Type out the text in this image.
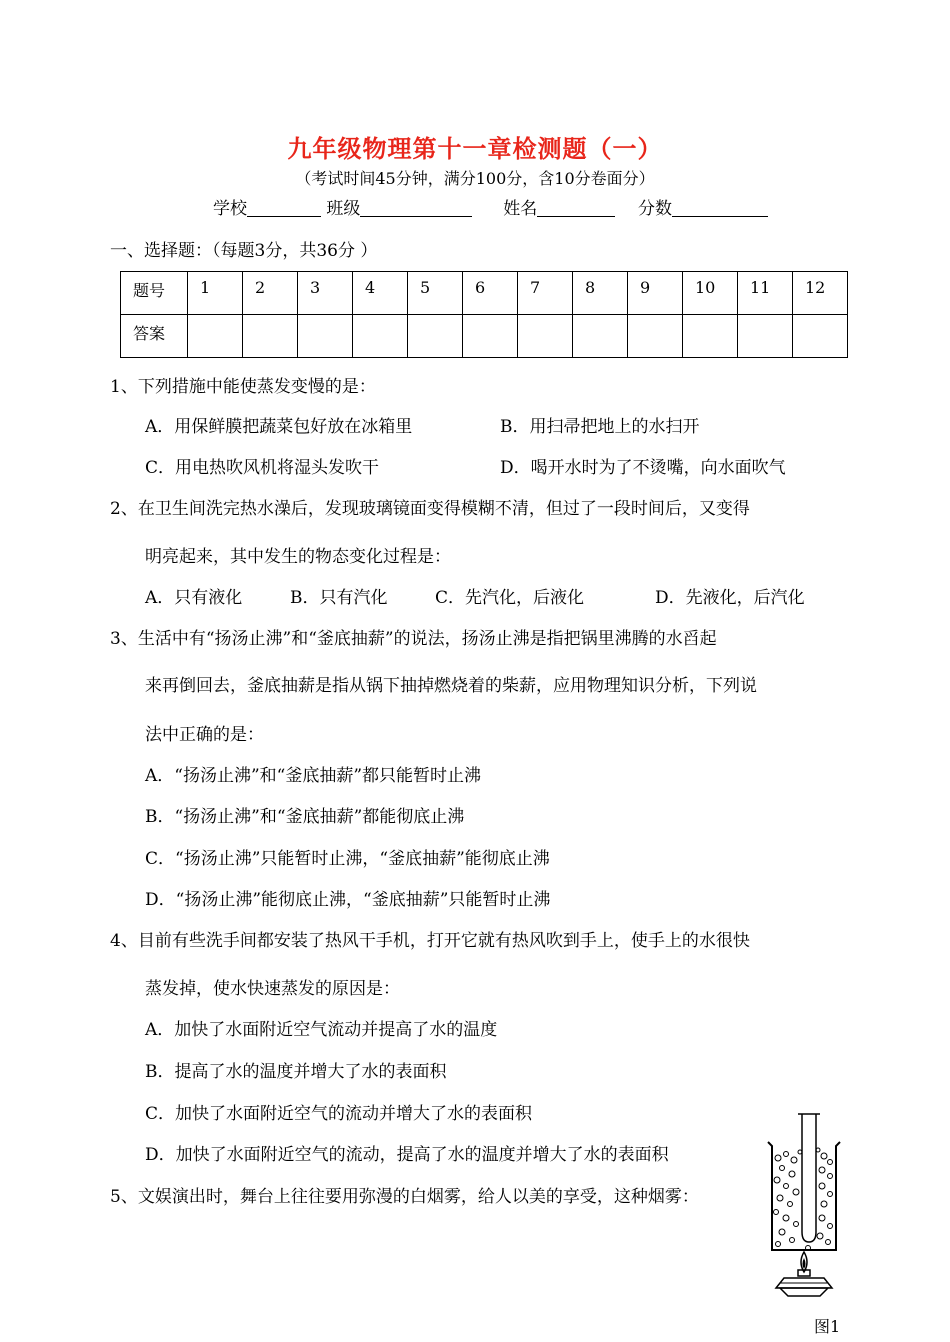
九年级物理第十一章检测题（一）
（考试时间45分钟，满分100分，含10分卷面分）
学校	班级	姓名	分数
一、选择题：（每题3分，共36分 ）
题号	1	2	3	4	5	6	7	8	9	10	11	12
答案												
1、下列措施中能使蒸发变慢的是：
A．用保鲜膜把蔬菜包好放在冰箱里	B．用扫帚把地上的水扫开
C．用电热吹风机将湿头发吹干	D．喝开水时为了不烫嘴，向水面吹气
2、在卫生间洗完热水澡后，发现玻璃镜面变得模糊不清，但过了一段时间后，又变得
明亮起来，其中发生的物态变化过程是：
A．只有液化	B．只有汽化	C．先汽化，后液化	D．先液化，后汽化
3、生活中有“扬汤止沸”和“釜底抽薪”的说法，扬汤止沸是指把锅里沸腾的水舀起
来再倒回去，釜底抽薪是指从锅下抽掉燃烧着的柴薪，应用物理知识分析，下列说
法中正确的是：
A．“扬汤止沸”和“釜底抽薪”都只能暂时止沸
B．“扬汤止沸”和“釜底抽薪”都能彻底止沸
C．“扬汤止沸”只能暂时止沸，“釜底抽薪”能彻底止沸
D．“扬汤止沸”能彻底止沸，“釜底抽薪”只能暂时止沸
4、目前有些洗手间都安装了热风干手机，打开它就有热风吹到手上，使手上的水很快
蒸发掉，使水快速蒸发的原因是：
A．加快了水面附近空气流动并提高了水的温度
B．提高了水的温度并增大了水的表面积
C．加快了水面附近空气的流动并增大了水的表面积
D．加快了水面附近空气的流动，提高了水的温度并增大了水的表面积
5、文娱演出时，舞台上往往要用弥漫的白烟雾，给人以美的享受，这种烟雾：
图1
